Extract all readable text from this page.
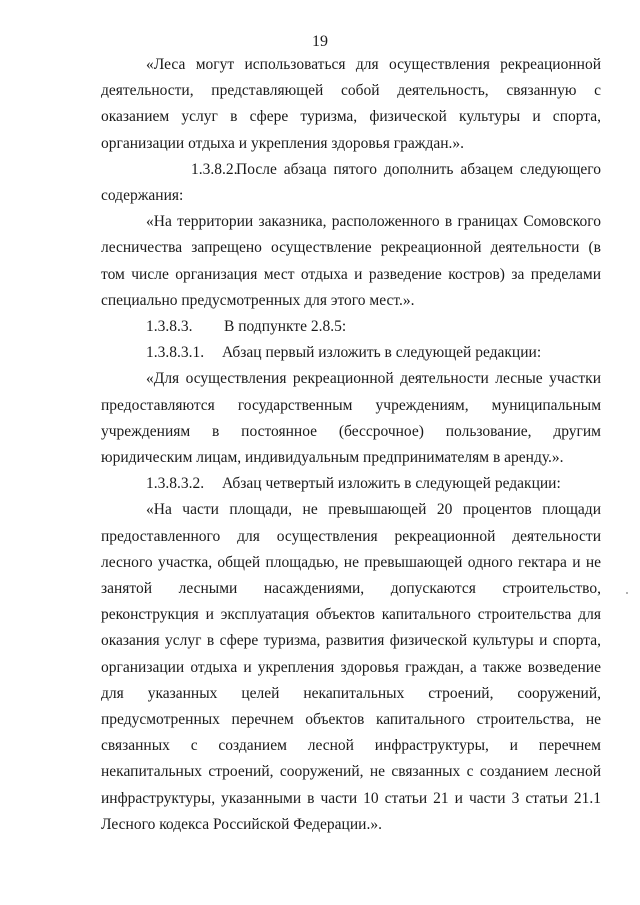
19

«Леса могут использоваться для осуществления рекреационной деятельности, представляющей собой деятельность, связанную с оказанием услуг в сфере туризма, физической культуры и спорта, организации отдыха и укрепления здоровья граждан.».

1.3.8.2.После абзаца пятого дополнить абзацем следующего содержания:

«На территории заказника, расположенного в границах Сомовского лесничества запрещено осуществление рекреационной деятельности (в том числе организация мест отдыха и разведение костров) за пределами специально предусмотренных для этого мест.».

1.3.8.3. В подпункте 2.8.5:

1.3.8.3.1. Абзац первый изложить в следующей редакции:

«Для осуществления рекреационной деятельности лесные участки предоставляются государственным учреждениям, муниципальным учреждениям в постоянное (бессрочное) пользование, другим юридическим лицам, индивидуальным предпринимателям в аренду.».

1.3.8.3.2. Абзац четвертый изложить в следующей редакции:

«На части площади, не превышающей 20 процентов площади предоставленного для осуществления рекреационной деятельности лесного участка, общей площадью, не превышающей одного гектара и не занятой лесными насаждениями, допускаются строительство, реконструкция и эксплуатация объектов капитального строительства для оказания услуг в сфере туризма, развития физической культуры и спорта, организации отдыха и укрепления здоровья граждан, а также возведение для указанных целей некапитальных строений, сооружений, предусмотренных перечнем объектов капитального строительства, не связанных с созданием лесной инфраструктуры, и перечнем некапитальных строений, сооружений, не связанных с созданием лесной инфраструктуры, указанными в части 10 статьи 21 и части 3 статьи 21.1 Лесного кодекса Российской Федерации.».
